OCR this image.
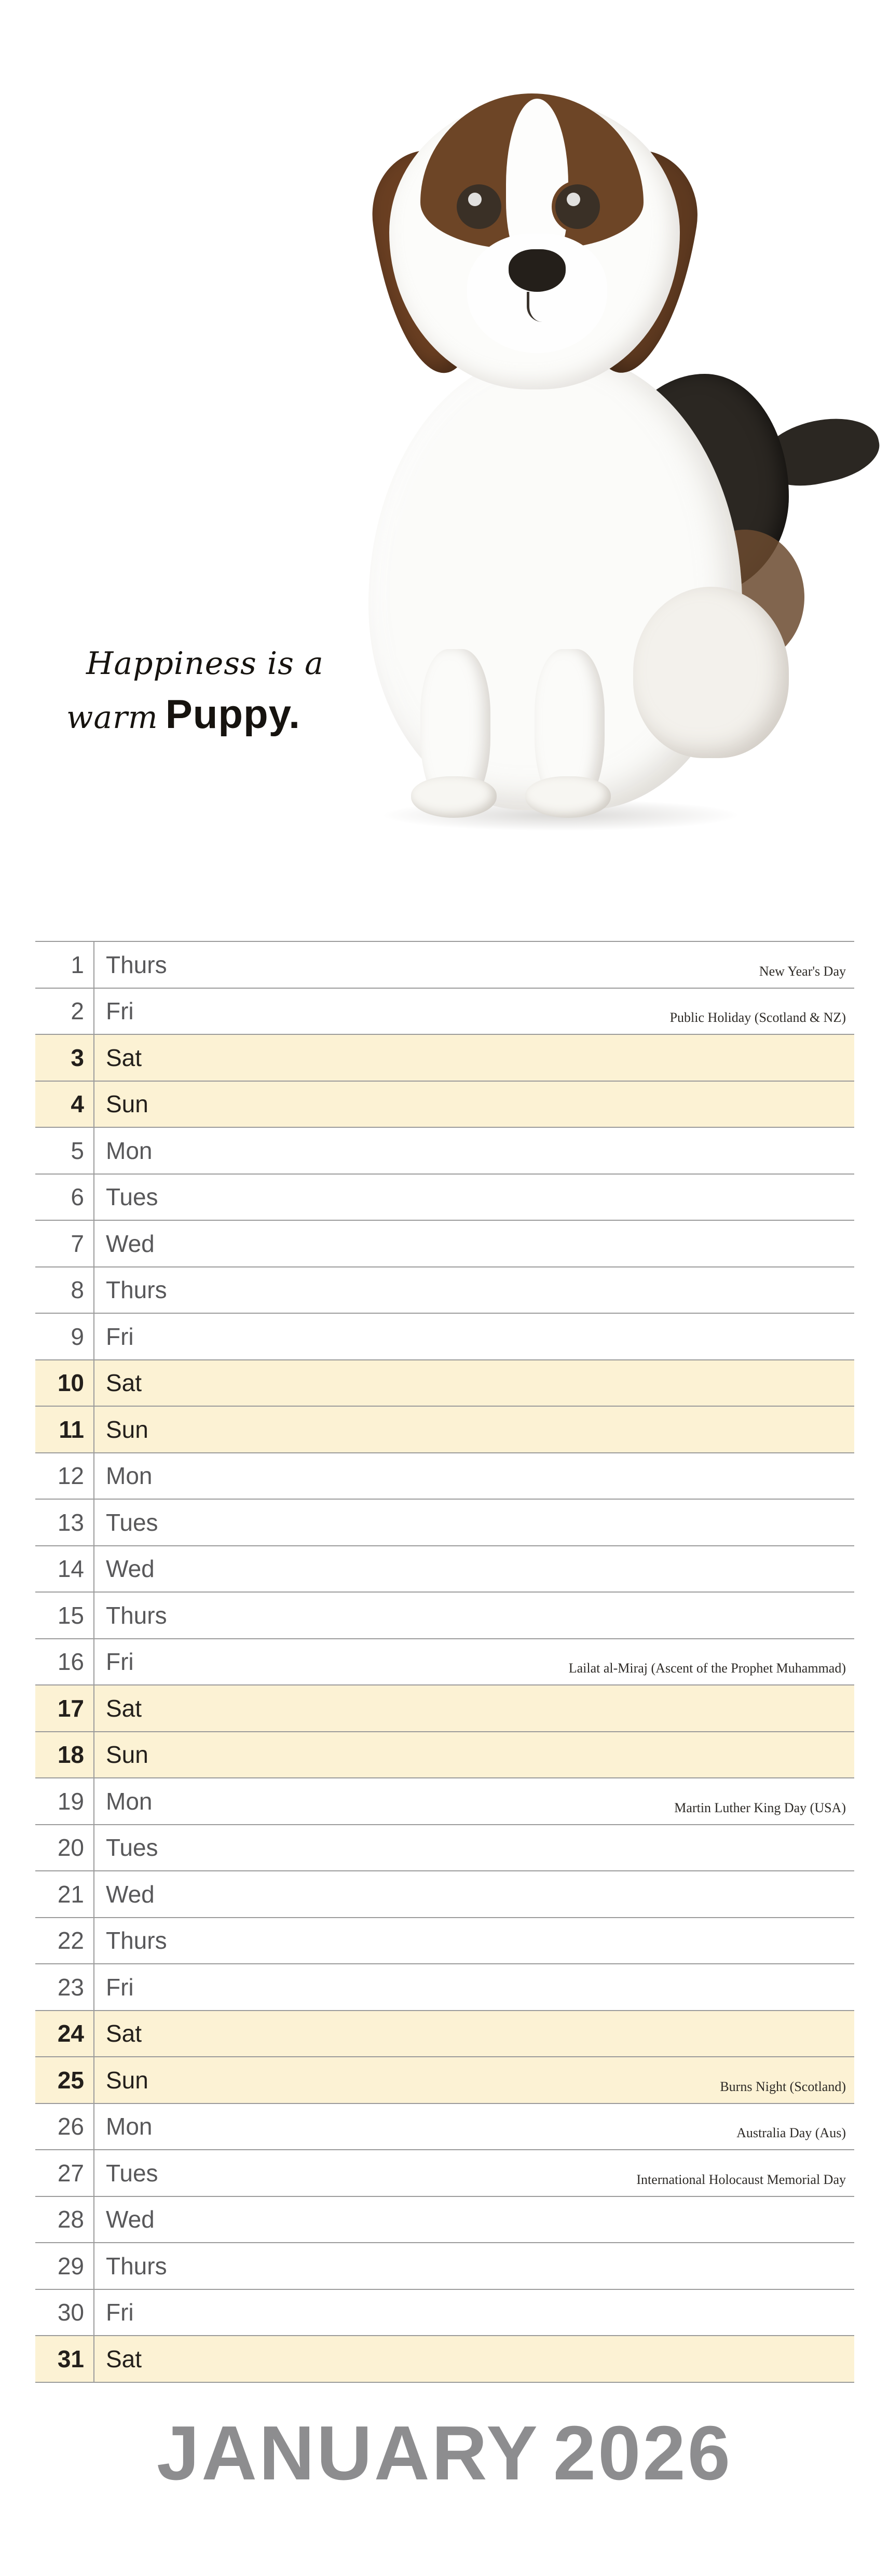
Happiness is a
warm Puppy.
1 Thurs	New Year's Day
2 Fri	Public Holiday (Scotland & NZ)
3 Sat
4 Sun
5 Mon
6 Tues
7 Wed
8 Thurs
9 Fri
10 Sat
11 Sun
12 Mon
13 Tues
14 Wed
15 Thurs
16 Fri	Lailat al-Miraj (Ascent of the Prophet Muhammad)
17 Sat
18 Sun
19 Mon	Martin Luther King Day (USA)
20 Tues
21 Wed
22 Thurs
23 Fri
24 Sat
25 Sun	Burns Night (Scotland)
26 Mon	Australia Day (Aus)
27 Tues	International Holocaust Memorial Day
28 Wed
29 Thurs
30 Fri
31 Sat
JANUARY 2026
